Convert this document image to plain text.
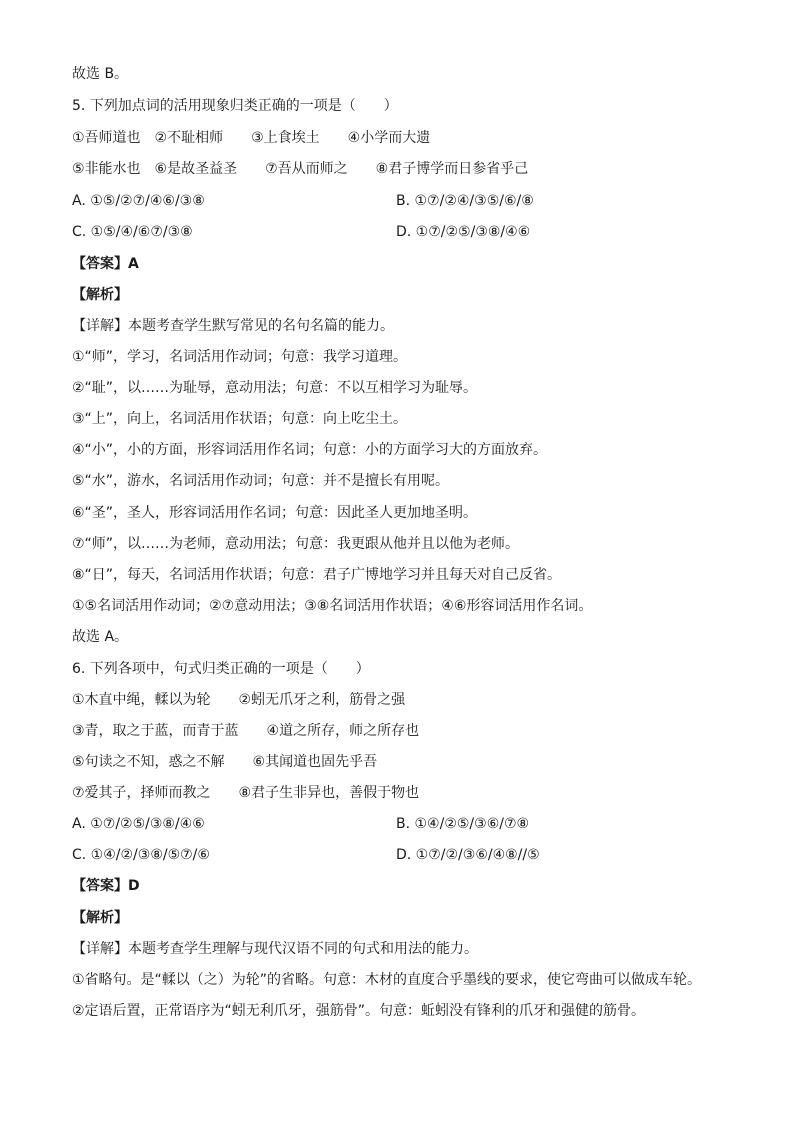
故选 B。
5. 下列加点词的活用现象归类正确的一项是（　　）
①吾师道也　②不耻相师　　③上食埃土　　④小学而大遗
⑤非能水也　⑥是故圣益圣　　⑦吾从而师之　　⑧君子博学而日参省乎己
A. ①⑤/②⑦/④⑥/③⑧	B. ①⑦/②④/③⑤/⑥/⑧
C. ①⑤/④/⑥⑦/③⑧	D. ①⑦/②⑤/③⑧/④⑥
【答案】A
【解析】
【详解】本题考查学生默写常见的名句名篇的能力。
①“师”，学习，名词活用作动词；句意：我学习道理。
②“耻”，以……为耻辱，意动用法；句意：不以互相学习为耻辱。
③“上”，向上，名词活用作状语；句意：向上吃尘土。
④“小”，小的方面，形容词活用作名词；句意：小的方面学习大的方面放弃。
⑤“水”，游水，名词活用作动词；句意：并不是擅长有用呢。
⑥“圣”，圣人，形容词活用作名词；句意：因此圣人更加地圣明。
⑦“师”，以……为老师，意动用法；句意：我更跟从他并且以他为老师。
⑧“日”，每天，名词活用作状语；句意：君子广博地学习并且每天对自己反省。
①⑤名词活用作动词；②⑦意动用法；③⑧名词活用作状语；④⑥形容词活用作名词。
故选 A。
6. 下列各项中，句式归类正确的一项是（　　）
①木直中绳，輮以为轮　　②蚓无爪牙之利，筋骨之强
③青，取之于蓝，而青于蓝　　④道之所存，师之所存也
⑤句读之不知，惑之不解　　⑥其闻道也固先乎吾
⑦爱其子，择师而教之　　⑧君子生非异也，善假于物也
A. ①⑦/②⑤/③⑧/④⑥	B. ①④/②⑤/③⑥/⑦⑧
C. ①④/②/③⑧/⑤⑦/⑥	D. ①⑦/②/③⑥/④⑧//⑤
【答案】D
【解析】
【详解】本题考查学生理解与现代汉语不同的句式和用法的能力。
①省略句。是“輮以（之）为轮”的省略。句意：木材的直度合乎墨线的要求，使它弯曲可以做成车轮。
②定语后置，正常语序为“蚓无利爪牙，强筋骨”。句意：蚯蚓没有锋利的爪牙和强健的筋骨。
